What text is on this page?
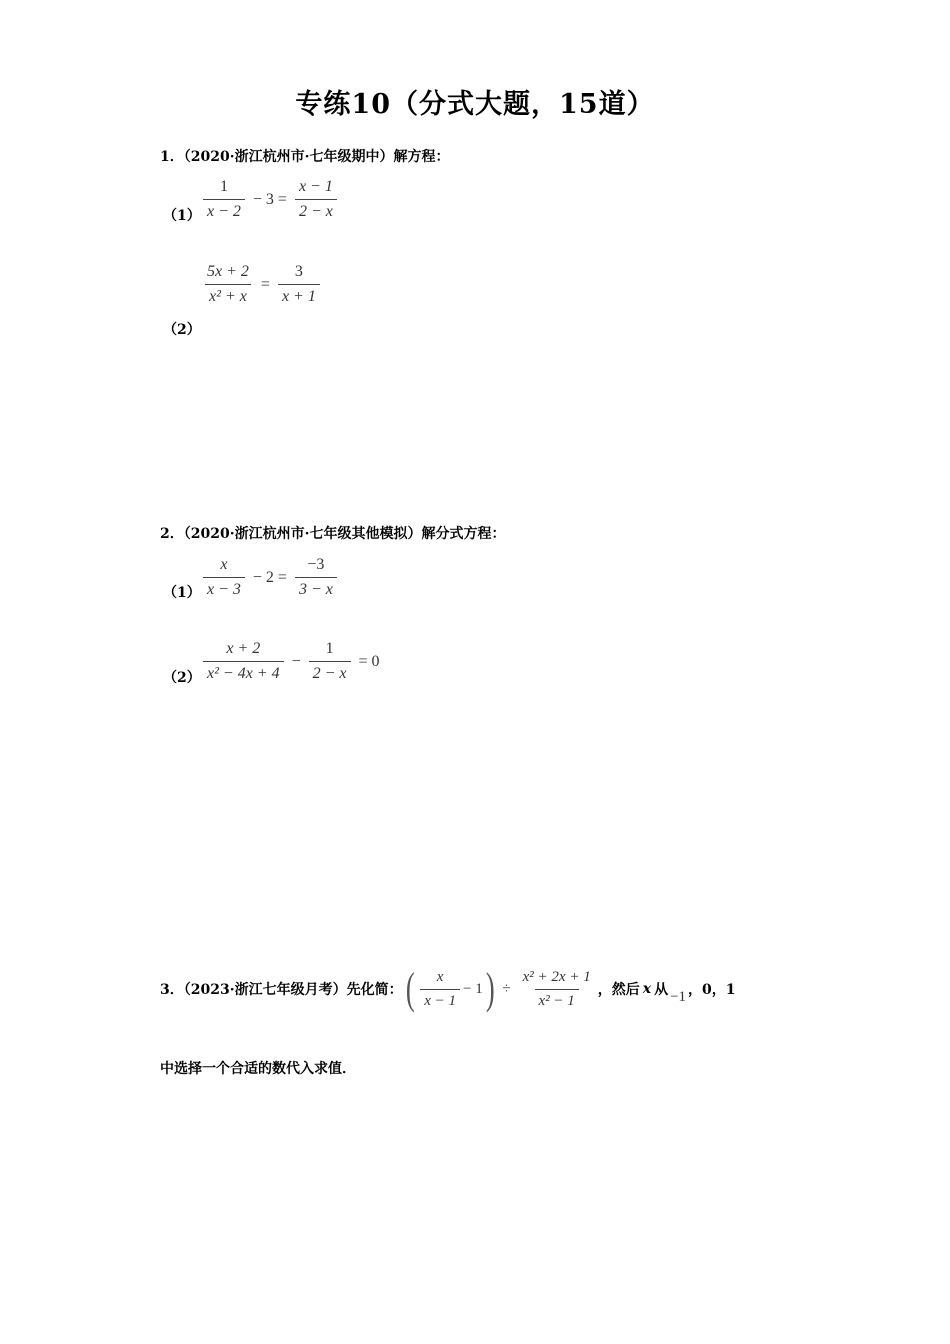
专练10（分式大题，15道）
1．（2020·浙江杭州市·七年级期中）解方程：
$(1) \frac{1}{x - 2} - 3 = \frac{x - 1}{2 - x}$
（2）
$\frac{5x + 2}{\text{x² + x}} = \frac{3}{x + 1}$
2．（2020·浙江杭州市·七年级其他模拟）解分式方程：
$(1) \frac{x}{x - 3} - 2 = \frac{-3}{3 - x}$
$(2) \frac{x + 2}{\text{x² − 4x + 4}} - \frac{1}{2 - x} = 0$
3．（2023·浙江七年级月考）先化简： ( $\frac{x}{x - 1} - 1$ ) ÷ $\frac{\text{x² + 2x + 1}}{\text{x² − 1}}$ ，然后 x 从 −1 ，0，1
中选择一个合适的数代入求值．
